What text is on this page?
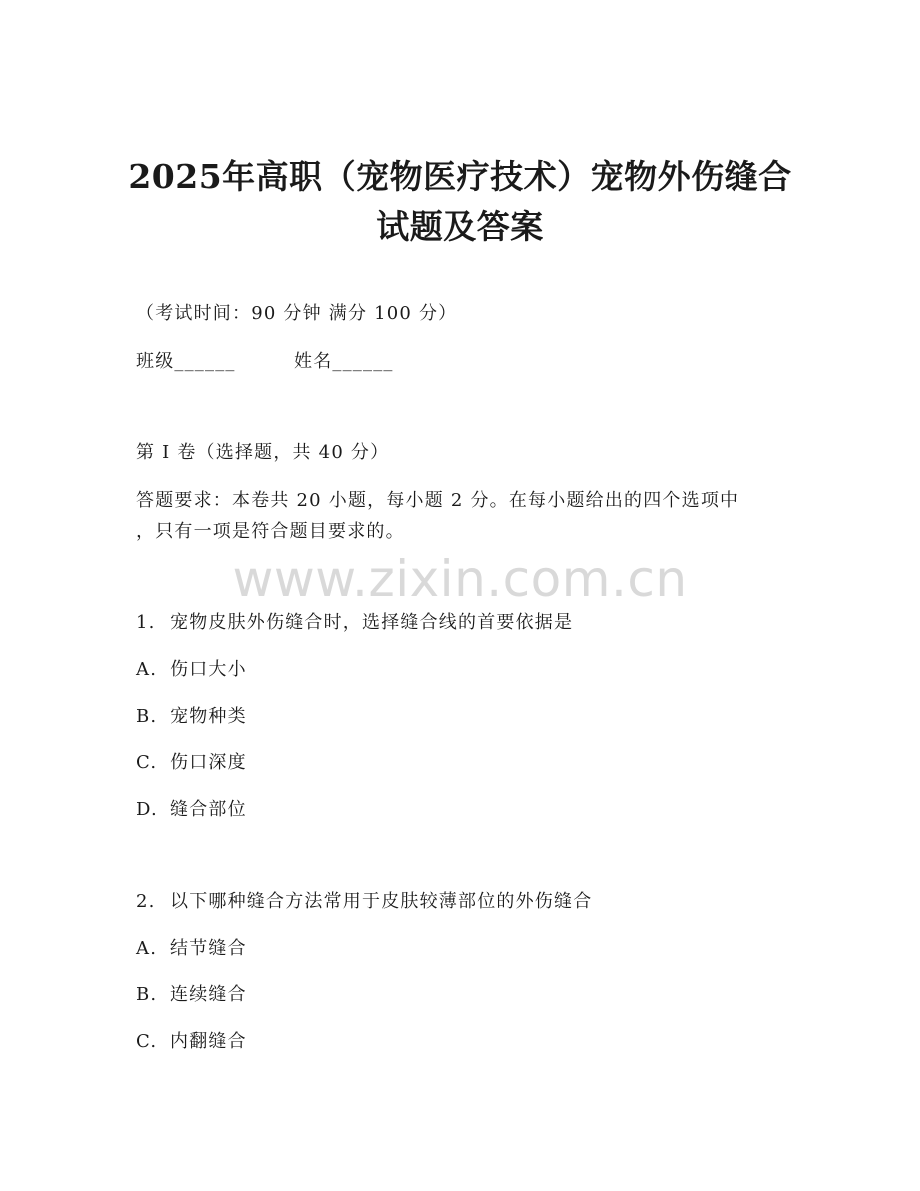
2025年高职（宠物医疗技术）宠物外伤缝合
试题及答案
（考试时间：90 分钟 满分 100 分）
班级______	姓名______
第 I 卷（选择题，共 40 分）
答题要求：本卷共 20 小题，每小题 2 分。在每小题给出的四个选项中
，只有一项是符合题目要求的。
www.zixin.com.cn
1. 宠物皮肤外伤缝合时，选择缝合线的首要依据是
A. 伤口大小
B. 宠物种类
C. 伤口深度
D. 缝合部位
2. 以下哪种缝合方法常用于皮肤较薄部位的外伤缝合
A. 结节缝合
B. 连续缝合
C. 内翻缝合
